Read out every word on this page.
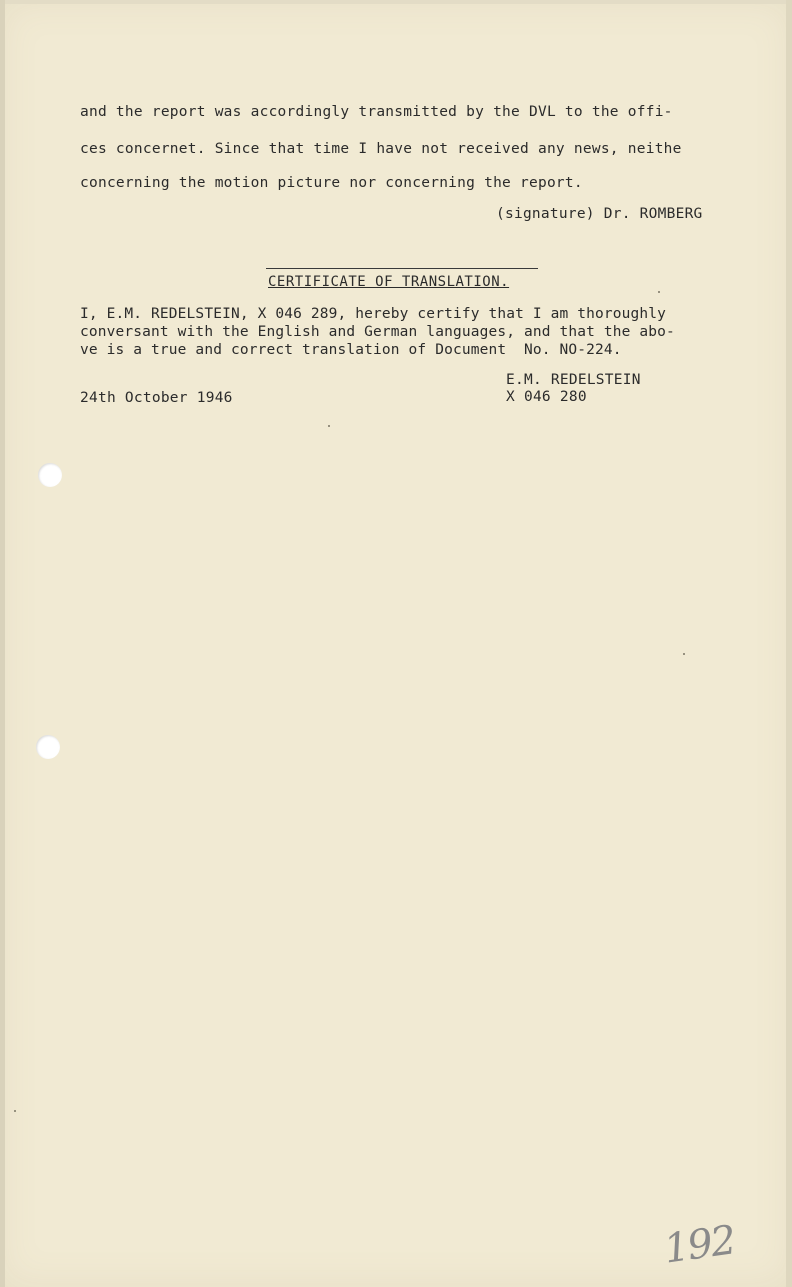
and the report was accordingly transmitted by the DVL to the offi-
ces concernet. Since that time I have not received any news, neithe
concerning the motion picture nor concerning the report.
(signature) Dr. ROMBERG
CERTIFICATE OF TRANSLATION.
I, E.M. REDELSTEIN, X 046 289, hereby certify that I am thoroughly
conversant with the English and German languages, and that the abo-
ve is a true and correct translation of Document  No. NO-224.
E.M. REDELSTEIN
X 046 280
24th October 1946
192
